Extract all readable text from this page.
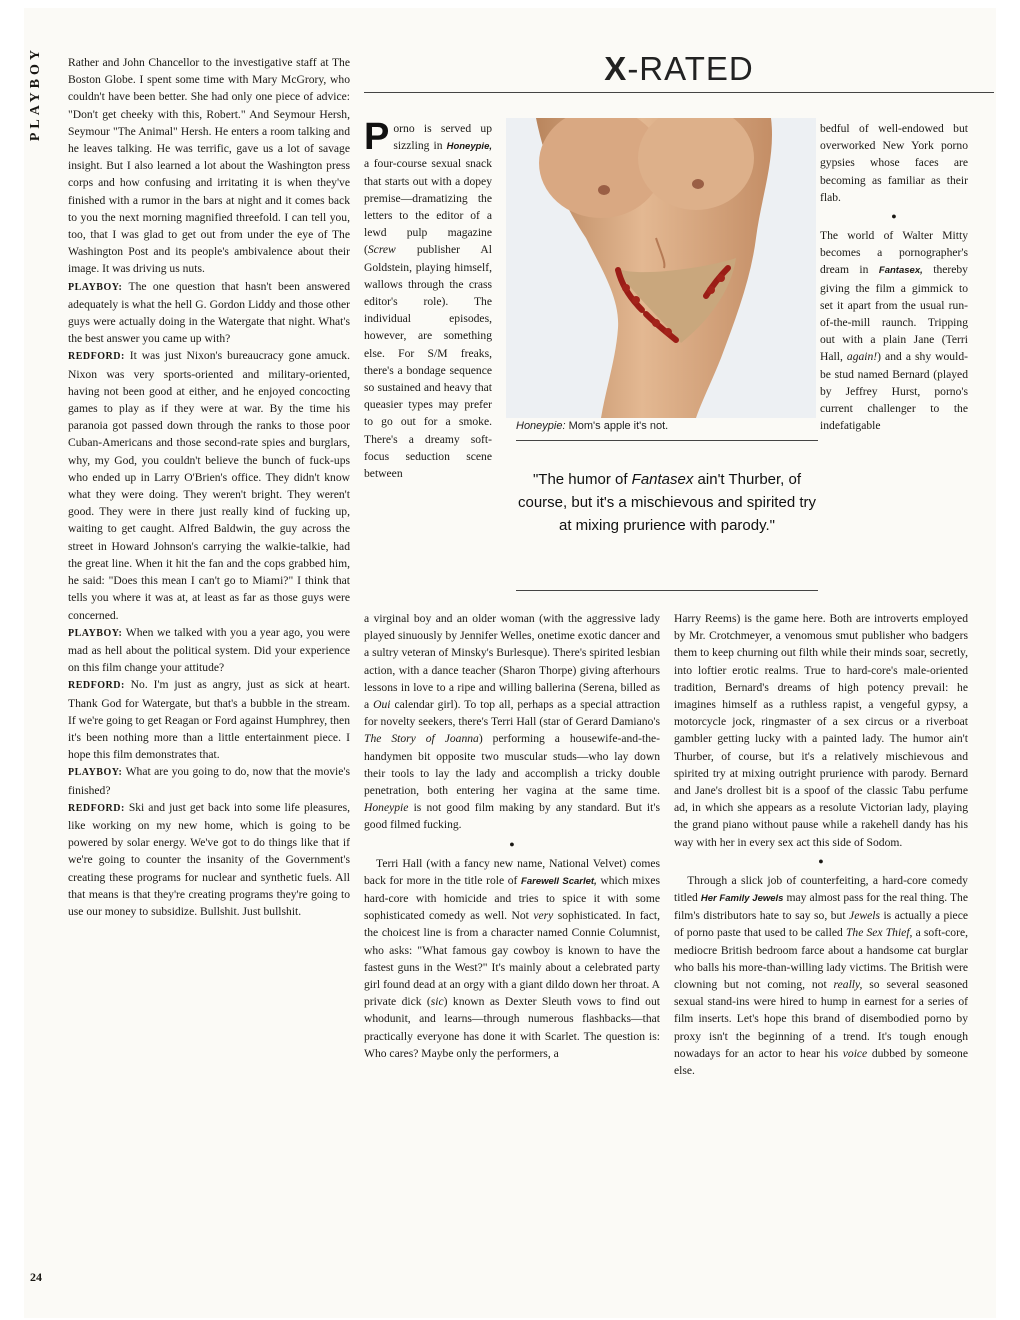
PLAYBOY	Rather and John Chancellor to the investigative staff at The Boston Globe. I spent some time with Mary McGrory, who couldn't have been better. She had only one piece of advice: "Don't get cheeky with this, Robert." And Seymour Hersh, Seymour "The Animal" Hersh. He enters a room talking and he leaves talking. He was terrific, gave us a lot of savage insight. But I also learned a lot about the Washington press corps and how confusing and irritating it is when they've finished with a rumor in the bars at night and it comes back to you the next morning magnified threefold. I can tell you, too, that I was glad to get out from under the eye of The Washington Post and its people's ambivalence about their image. It was driving us nuts.

PLAYBOY: The one question that hasn't been answered adequately is what the hell G. Gordon Liddy and those other guys were actually doing in the Watergate that night. What's the best answer you came up with?

REDFORD: It was just Nixon's bureaucracy gone amuck. Nixon was very sports-oriented and military-oriented, having not been good at either, and he enjoyed concocting games to play as if they were at war. By the time his paranoia got passed down through the ranks to those poor Cuban-Americans and those second-rate spies and burglars, why, my God, you couldn't believe the bunch of fuck-ups who ended up in Larry O'Brien's office. They didn't know what they were doing. They weren't bright. They weren't good. They were in there just really kind of fucking up, waiting to get caught. Alfred Baldwin, the guy across the street in Howard Johnson's carrying the walkie-talkie, had the great line. When it hit the fan and the cops grabbed him, he said: "Does this mean I can't go to Miami?" I think that tells you where it was at, at least as far as those guys were concerned.

PLAYBOY: When we talked with you a year ago, you were mad as hell about the political system. Did your experience on this film change your attitude?

REDFORD: No. I'm just as angry, just as sick at heart. Thank God for Watergate, but that's a bubble in the stream. If we're going to get Reagan or Ford against Humphrey, then it's been nothing more than a little entertainment piece. I hope this film demonstrates that.

PLAYBOY: What are you going to do, now that the movie's finished?

REDFORD: Ski and just get back into some life pleasures, like working on my new home, which is going to be powered by solar energy. We've got to do things like that if we're going to counter the insanity of the Government's creating these programs for nuclear and synthetic fuels. All that means is that they're creating programs they're going to use our money to subsidize. Bullshit. Just bullshit.

24
X-RATED
Porno is served up sizzling in Honeypie, a four-course sexual snack that starts out with a dopey premise—dramatizing the letters to the editor of a lewd pulp magazine (Screw publisher Al Goldstein, playing himself, wallows through the crass editor's role). The individual episodes, however, are something else. For S/M freaks, there's a bondage sequence so sustained and heavy that queasier types may prefer to go out for a smoke. There's a dreamy soft-focus seduction scene between
Honeypie: Mom's apple it's not.
"The humor of Fantasex ain't Thurber, of course, but it's a mischievous and spirited try at mixing prurience with parody."

bedful of well-endowed but overworked New York porno gypsies whose faces are becoming as familiar as their flab.

●

The world of Walter Mitty becomes a pornographer's dream in Fantasex, thereby giving the film a gimmick to set it apart from the usual run-of-the-mill raunch. Tripping out with a plain Jane (Terri Hall, again!) and a shy would-be stud named Bernard (played by Jeffrey Hurst, porno's current challenger to the indefatigable

a virginal boy and an older woman (with the aggressive lady played sinuously by Jennifer Welles, onetime exotic dancer and a sultry veteran of Minsky's Burlesque). There's spirited lesbian action, with a dance teacher (Sharon Thorpe) giving afterhours lessons in love to a ripe and willing ballerina (Serena, billed as a Oui calendar girl). To top all, perhaps as a special attraction for novelty seekers, there's Terri Hall (star of Gerard Damiano's The Story of Joanna) performing a housewife-and-the-handymen bit opposite two muscular studs—who lay down their tools to lay the lady and accomplish a tricky double penetration, both entering her vagina at the same time. Honeypie is not good film making by any standard. But it's good filmed fucking.

●

Terri Hall (with a fancy new name, National Velvet) comes back for more in the title role of Farewell Scarlet, which mixes hard-core with homicide and tries to spice it with some sophisticated comedy as well. Not very sophisticated. In fact, the choicest line is from a character named Connie Columnist, who asks: "What famous gay cowboy is known to have the fastest guns in the West?" It's mainly about a celebrated party girl found dead at an orgy with a giant dildo down her throat. A private dick (sic) known as Dexter Sleuth vows to find out whodunit, and learns—through numerous flashbacks—that practically everyone has done it with Scarlet. The question is: Who cares? Maybe only the performers, a

Harry Reems) is the game here. Both are introverts employed by Mr. Crotchmeyer, a venomous smut publisher who badgers them to keep churning out filth while their minds soar, secretly, into loftier erotic realms. True to hard-core's male-oriented tradition, Bernard's dreams of high potency prevail: he imagines himself as a ruthless rapist, a vengeful gypsy, a motorcycle jock, ringmaster of a sex circus or a riverboat gambler getting lucky with a painted lady. The humor ain't Thurber, of course, but it's a relatively mischievous and spirited try at mixing outright prurience with parody. Bernard and Jane's drollest bit is a spoof of the classic Tabu perfume ad, in which she appears as a resolute Victorian lady, playing the grand piano without pause while a rakehell dandy has his way with her in every sex act this side of Sodom.

●

Through a slick job of counterfeiting, a hard-core comedy titled Her Family Jewels may almost pass for the real thing. The film's distributors hate to say so, but Jewels is actually a piece of porno paste that used to be called The Sex Thief, a soft-core, mediocre British bedroom farce about a handsome cat burglar who balls his more-than-willing lady victims. The British were clowning but not coming, not really, so several seasoned sexual stand-ins were hired to hump in earnest for a series of film inserts. Let's hope this brand of disembodied porno by proxy isn't the beginning of a trend. It's tough enough nowadays for an actor to hear his voice dubbed by someone else.
